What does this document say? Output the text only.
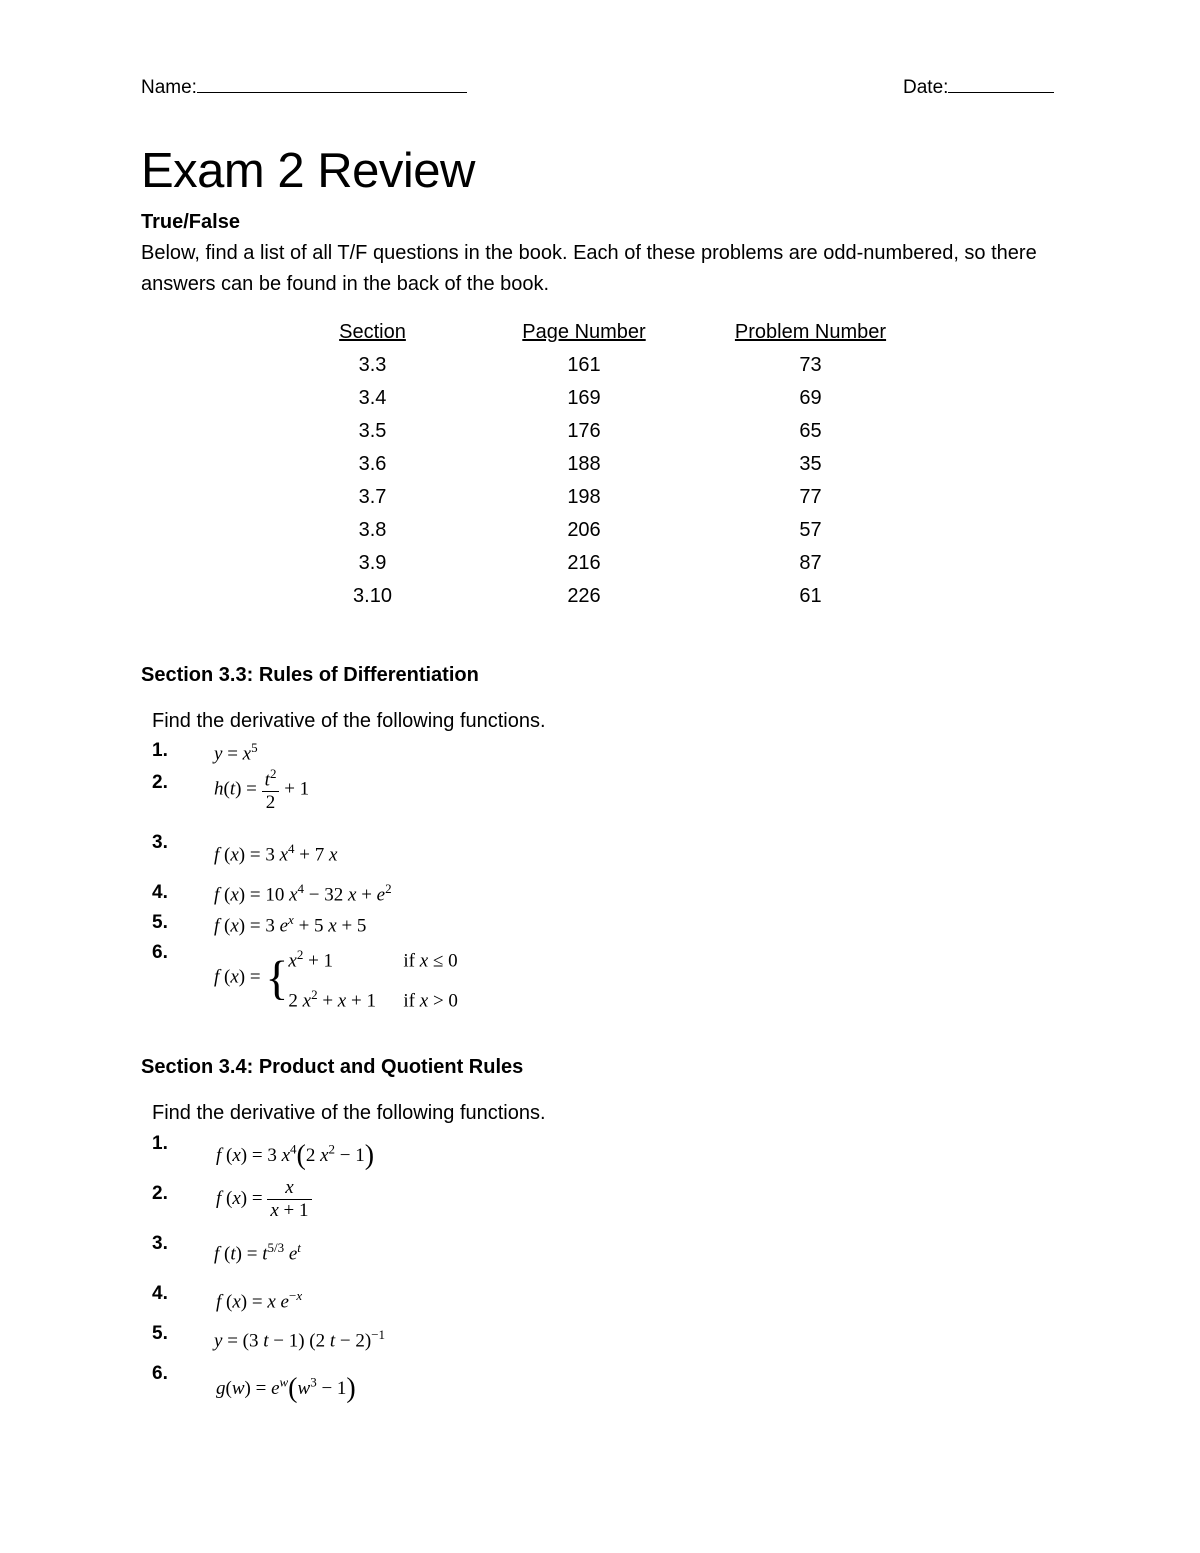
Name:	Date:
Exam 2 Review
True/False
Below, find a list of all T/F questions in the book. Each of these problems are odd-numbered, so there answers can be found in the back of the book.
Section	Page Number	Problem Number
3.3	161	73
3.4	169	69
3.5	176	65
3.6	188	35
3.7	198	77
3.8	206	57
3.9	216	87
3.10	226	61
Section 3.3: Rules of Differentiation
Find the derivative of the following functions.
1. $y = x^5$
2. $h(t) = \frac{t^2}{2} + 1$
3.
f (x) = 3 $x^4 + 7$ x
4. f (x) = 10 $x^4 - 32$ $x + e^2$
5. f (x) = 3 $e^x + 5$ x + 5
6.
f $(x) = \{x^2 + 1$	if x ≤ 0
2 $x^2 + x + 1$ if x > 0
Section 3.4: Product and Quotient Rules
Find the derivative of the following functions.
1.
f (x) = 3 $x^4(2$ $x^2 - 1$)
2.	f $(x) = \frac{x}{x + 1}$
3. f $(t) = t^{5/3}$ $e^t$
4.	f (x) = x $e^{-x}$
5. y = (3 t − 1) (2 t − 2)$^{-1}$
6.
$g(w) = e^w(w^3 - 1)$
